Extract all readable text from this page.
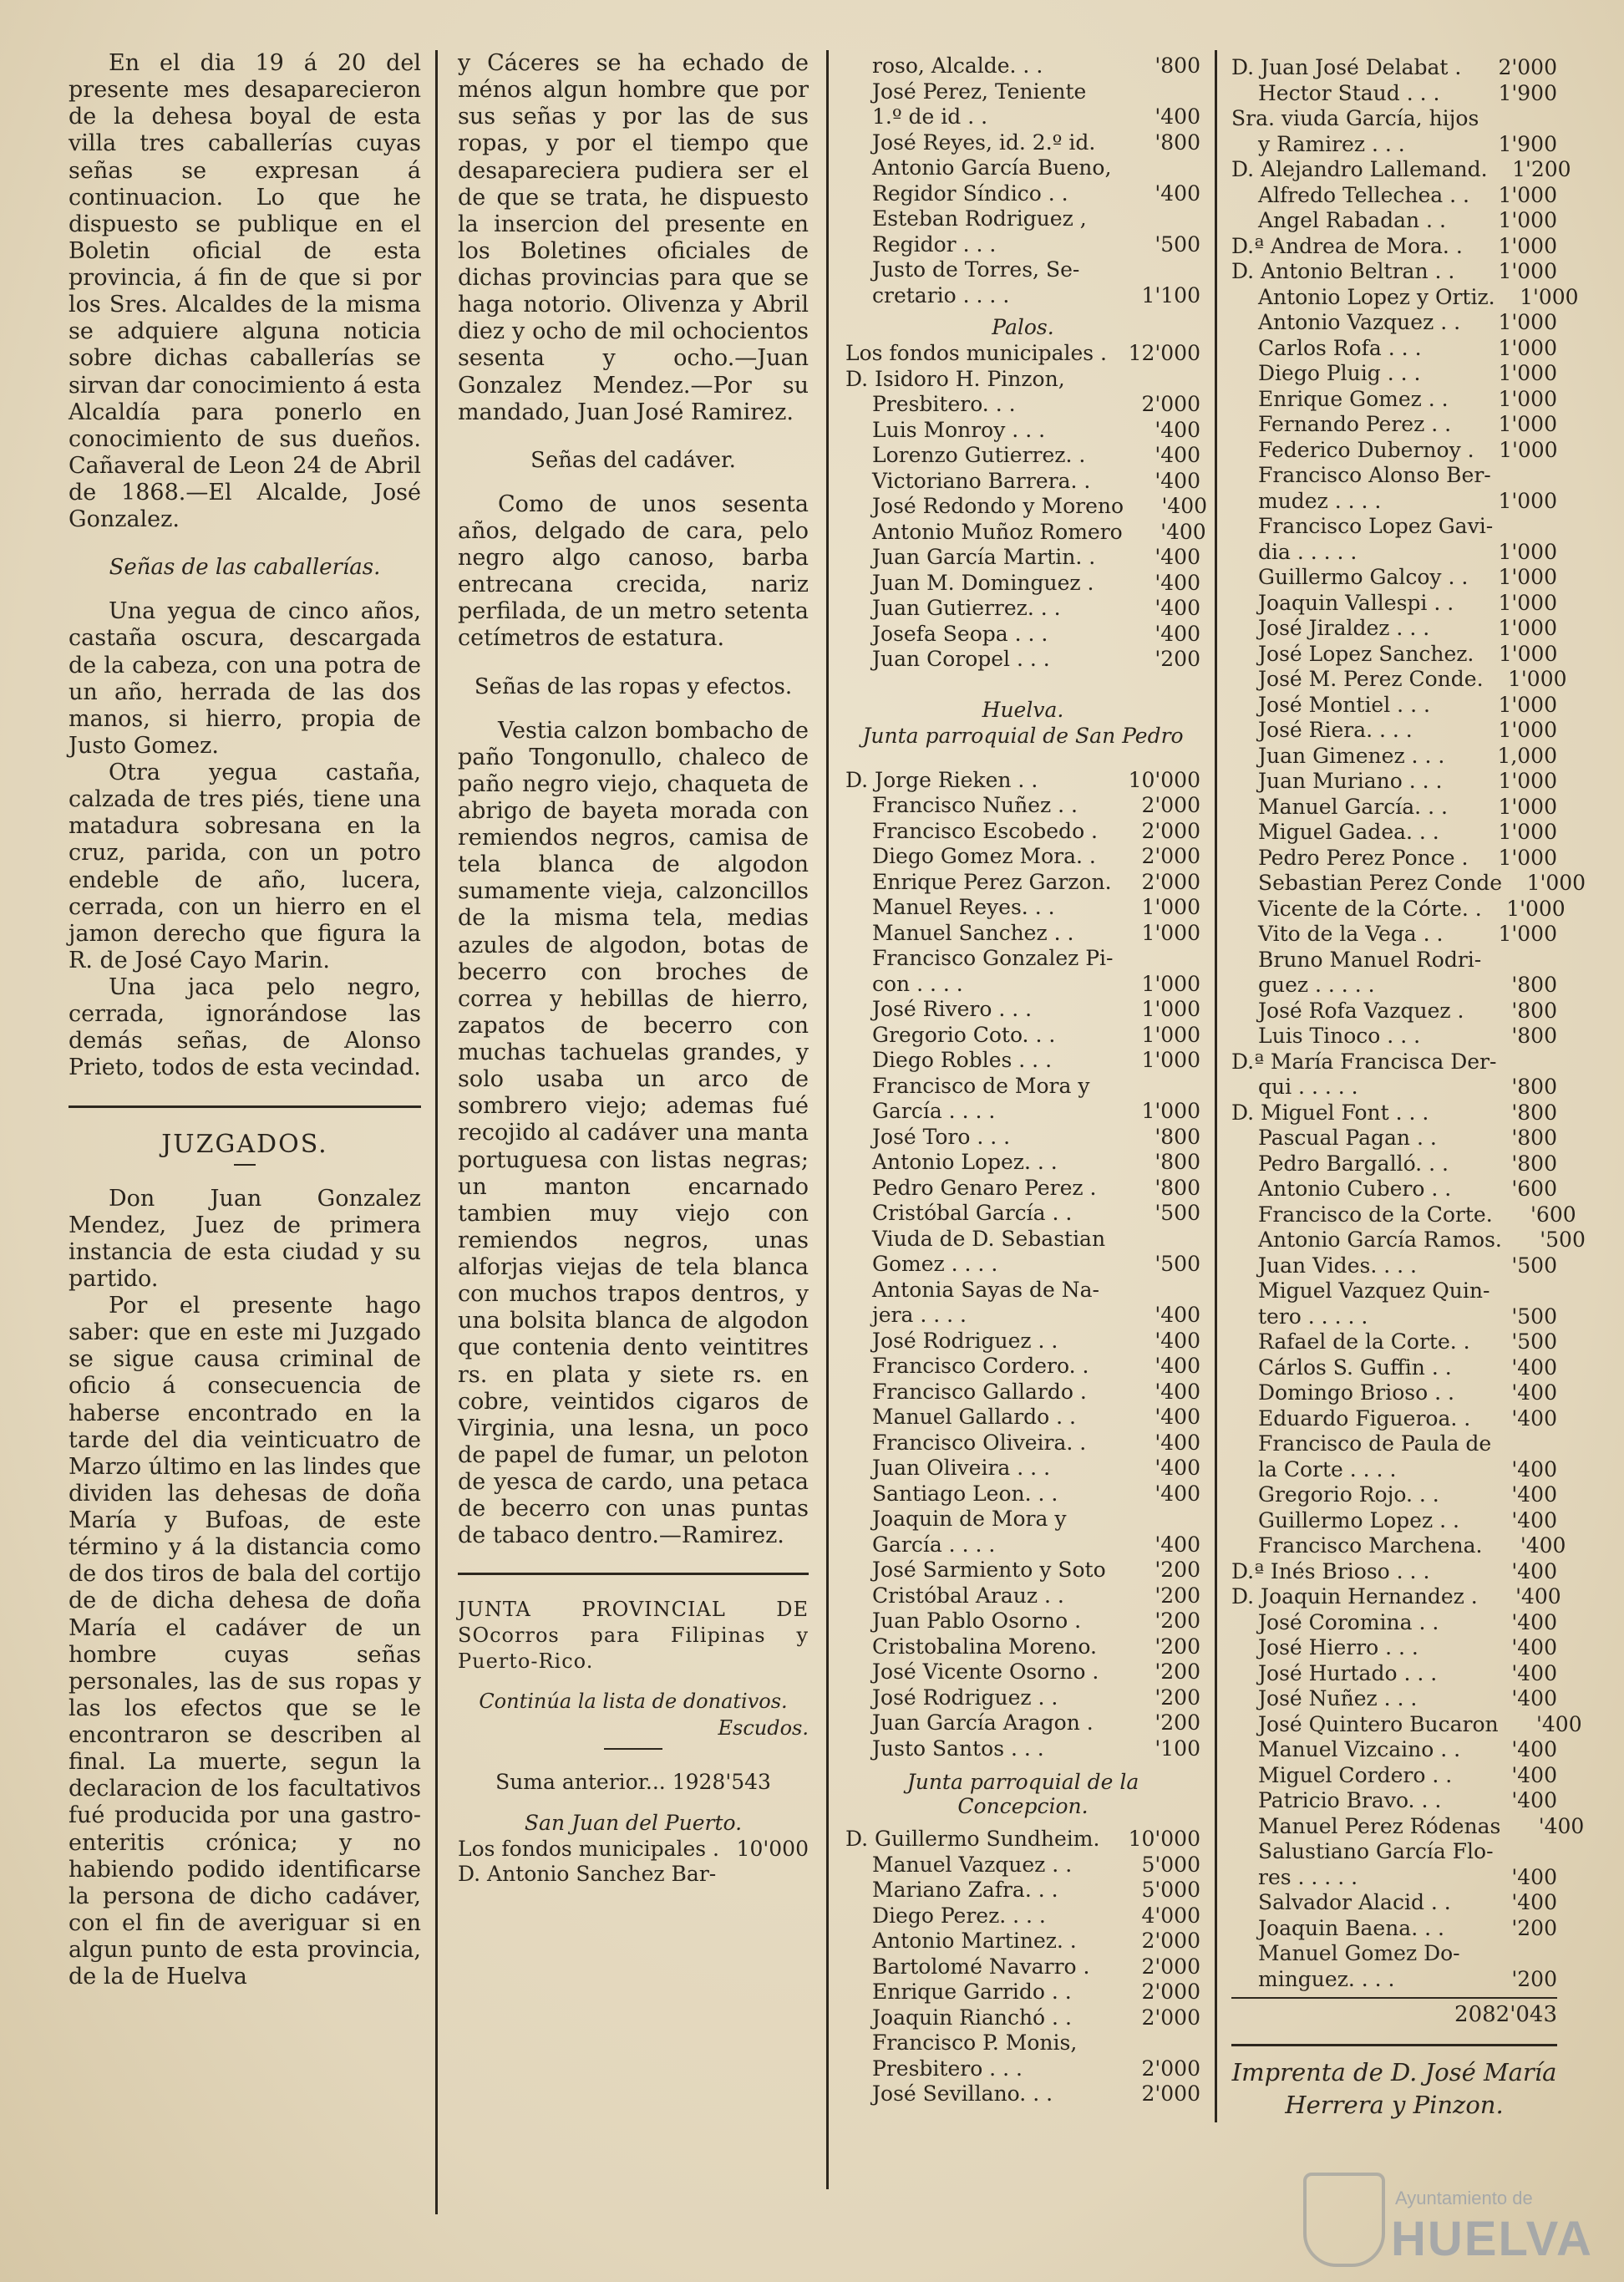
En el dia 19 á 20 del presente mes desaparecieron de la dehesa boyal de esta villa tres caballerías cuyas señas se expresan á continuacion. Lo que he dispuesto se publique en el Boletin oficial de esta provincia, á fin de que si por los Sres. Alcaldes de la misma se adquiere alguna noticia sobre dichas caballerías se sirvan dar conocimiento á esta Alcaldía para ponerlo en conocimiento de sus dueños. Cañaveral de Leon 24 de Abril de 1868.—El Alcalde, José Gonzalez.

Señas de las caballerías.

Una yegua de cinco años, castaña oscura, descargada de la cabeza, con una potra de un año, herrada de las dos manos, si hierro, propia de Justo Gomez.

Otra yegua castaña, calzada de tres piés, tiene una matadura sobresana en la cruz, parida, con un potro endeble de año, lucera, cerrada, con un hierro en el jamon derecho que figura la R. de José Cayo Marin.

Una jaca pelo negro, cerrada, ignorándose las demás señas, de Alonso Prieto, todos de esta vecindad.

JUZGADOS.

Don Juan Gonzalez Mendez, Juez de primera instancia de esta ciudad y su partido.

Por el presente hago saber: que en este mi Juzgado se sigue causa criminal de oficio á consecuencia de haberse encontrado en la tarde del dia veinticuatro de Marzo último en las lindes que dividen las dehesas de doña María y Bufoas, de este término y á la distancia como de dos tiros de bala del cortijo de de dicha dehesa de doña María el cadáver de un hombre cuyas señas personales, las de sus ropas y las los efectos que se le encontraron se describen al final. La muerte, segun la declaracion de los facultativos fué producida por una gastro-enteritis crónica; y no habiendo podido identificarse la persona de dicho cadáver, con el fin de averiguar si en algun punto de esta provincia, de la de Huelva

y Cáceres se ha echado de ménos algun hombre que por sus señas y por las de sus ropas, y por el tiempo que desapareciera pudiera ser el de que se trata, he dispuesto la insercion del presente en los Boletines oficiales de dichas provincias para que se haga notorio. Olivenza y Abril diez y ocho de mil ochocientos sesenta y ocho.—Juan Gonzalez Mendez.—Por su mandado, Juan José Ramirez.

Señas del cadáver.

Como de unos sesenta años, delgado de cara, pelo negro algo canoso, barba entrecana crecida, nariz perfilada, de un metro setenta cetímetros de estatura.

Señas de las ropas y efectos.

Vestia calzon bombacho de paño Tongonullo, chaleco de paño negro viejo, chaqueta de abrigo de bayeta morada con remiendos negros, camisa de tela blanca de algodon sumamente vieja, calzoncillos de la misma tela, medias azules de algodon, botas de becerro con broches de correa y hebillas de hierro, zapatos de becerro con muchas tachuelas grandes, y solo usaba un arco de sombrero viejo; ademas fué recojido al cadáver una manta portuguesa con listas negras; un manton encarnado tambien muy viejo con remiendos negros, unas alforjas viejas de tela blanca con muchos trapos dentros, y una bolsita blanca de algodon que contenia dento veintitres rs. en plata y siete rs. en cobre, veintidos cigaros de Virginia, una lesna, un poco de papel de fumar, un peloton de yesca de cardo, una petaca de becerro con unas puntas de tabaco dentro.—Ramirez.

JUNTA PROVINCIAL DE SOcorros para Filipinas y Puerto-Rico.

Continúa la lista de donativos.
Escudos.
Suma anterior... 1928'543
San Juan del Puerto.
Los fondos municipales . 10'000
D. Antonio Sanchez Bar-
roso, Alcalde. . .	'800
José Perez, Teniente
1.º de id . .	'400
José Reyes, id. 2.º id.	'800
Antonio García Bueno,
Regidor Síndico . .	'400
Esteban Rodriguez ,
Regidor . . .	'500
Justo de Torres, Se-
cretario . . . .	1'100
Palos.
Los fondos municipales .	12'000
D. Isidoro H. Pinzon,
Presbitero. . .	2'000
Luis Monroy . . .	'400
Lorenzo Gutierrez. .	'400
Victoriano Barrera. .	'400
José Redondo y Moreno	'400
Antonio Muñoz Romero	'400
Juan García Martin. .	'400
Juan M. Dominguez .	'400
Juan Gutierrez. . .	'400
Josefa Seopa . . .	'400
Juan Coropel . . .	'200
Huelva.
Junta parroquial de San Pedro
D. Jorge Rieken . .	10'000
Francisco Nuñez . .	2'000
Francisco Escobedo .	2'000
Diego Gomez Mora. .	2'000
Enrique Perez Garzon.	2'000
Manuel Reyes. . .	1'000
Manuel Sanchez . .	1'000
Francisco Gonzalez Pi-
con . . . .	1'000
José Rivero . . .	1'000
Gregorio Coto. . .	1'000
Diego Robles . . .	1'000
Francisco de Mora y
García . . . .	1'000
José Toro . . .	'800
Antonio Lopez. . .	'800
Pedro Genaro Perez .	'800
Cristóbal García . .	'500
Viuda de D. Sebastian
Gomez . . . .	'500
Antonia Sayas de Na-
jera . . . .	'400
José Rodriguez . .	'400
Francisco Cordero. .	'400
Francisco Gallardo .	'400
Manuel Gallardo . .	'400
Francisco Oliveira. .	'400
Juan Oliveira . . .	'400
Santiago Leon. . .	'400
Joaquin de Mora y
García . . . .	'400
José Sarmiento y Soto	'200
Cristóbal Arauz . .	'200
Juan Pablo Osorno .	'200
Cristobalina Moreno.	'200
José Vicente Osorno .	'200
José Rodriguez . .	'200
Juan García Aragon .	'200
Justo Santos . . .	'100
Junta parroquial de la Concepcion.
D. Guillermo Sundheim.	10'000
Manuel Vazquez . .	5'000
Mariano Zafra. . .	5'000
Diego Perez. . . .	4'000
Antonio Martinez. .	2'000
Bartolomé Navarro .	2'000
Enrique Garrido . .	2'000
Joaquin Rianchó . .	2'000
Francisco P. Monis,
Presbitero . . .	2'000
José Sevillano. . .	2'000
D. Juan José Delabat .	2'000
Hector Staud . . .	1'900
Sra. viuda García, hijos
y Ramirez . . .	1'900
D. Alejandro Lallemand.	1'200
Alfredo Tellechea . .	1'000
Angel Rabadan . .	1'000
D.ª Andrea de Mora. .	1'000
D. Antonio Beltran . .	1'000
Antonio Lopez y Ortiz.	1'000
Antonio Vazquez . .	1'000
Carlos Rofa . . .	1'000
Diego Pluig . . .	1'000
Enrique Gomez . .	1'000
Fernando Perez . .	1'000
Federico Dubernoy .	1'000
Francisco Alonso Ber-
mudez . . . .	1'000
Francisco Lopez Gavi-
dia . . . . .	1'000
Guillermo Galcoy . .	1'000
Joaquin Vallespi . .	1'000
José Jiraldez . . .	1'000
José Lopez Sanchez.	1'000
José M. Perez Conde.	1'000
José Montiel . . .	1'000
José Riera. . . .	1'000
Juan Gimenez . . .	1,000
Juan Muriano . . .	1'000
Manuel García. . .	1'000
Miguel Gadea. . .	1'000
Pedro Perez Ponce .	1'000
Sebastian Perez Conde	1'000
Vicente de la Córte. .	1'000
Vito de la Vega . .	1'000
Bruno Manuel Rodri-
guez . . . . .	'800
José Rofa Vazquez .	'800
Luis Tinoco . . .	'800
D.ª María Francisca Der-
qui . . . . .	'800
D. Miguel Font . . .	'800
Pascual Pagan . .	'800
Pedro Bargalló. . .	'800
Antonio Cubero . .	'600
Francisco de la Corte.	'600
Antonio García Ramos.	'500
Juan Vides. . . .	'500
Miguel Vazquez Quin-
tero . . . . .	'500
Rafael de la Corte. .	'500
Cárlos S. Guffin . .	'400
Domingo Brioso . .	'400
Eduardo Figueroa. .	'400
Francisco de Paula de
la Corte . . . .	'400
Gregorio Rojo. . .	'400
Guillermo Lopez . .	'400
Francisco Marchena.	'400
D.ª Inés Brioso . . .	'400
D. Joaquin Hernandez .	'400
José Coromina . .	'400
José Hierro . . .	'400
José Hurtado . . .	'400
José Nuñez . . .	'400
José Quintero Bucaron	'400
Manuel Vizcaino . .	'400
Miguel Cordero . .	'400
Patricio Bravo. . .	'400
Manuel Perez Ródenas	'400
Salustiano García Flo-
res . . . . .	'400
Salvador Alacid . .	'400
Joaquin Baena. . .	'200
Manuel Gomez Do-
minguez. . . .	'200
2082'043
Imprenta de D. José María Herrera y Pinzon.
Ayuntamiento de
HUELVA
